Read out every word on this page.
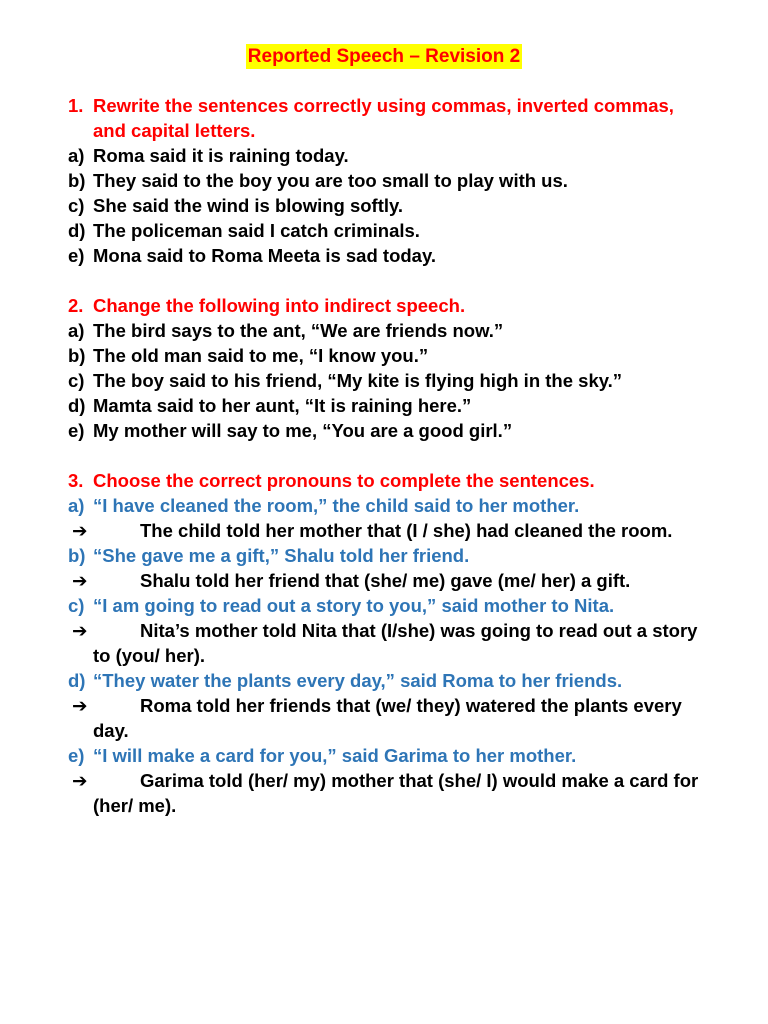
Reported Speech – Revision 2
1. Rewrite the sentences correctly using commas, inverted commas,
and capital letters.
a) Roma said it is raining today.
b) They said to the boy you are too small to play with us.
c) She said the wind is blowing softly.
d) The policeman said I catch criminals.
e) Mona said to Roma Meeta is sad today.
2. Change the following into indirect speech.
a) The bird says to the ant, “We are friends now.”
b) The old man said to me, “I know you.”
c) The boy said to his friend, “My kite is flying high in the sky.”
d) Mamta said to her aunt, “It is raining here.”
e) My mother will say to me, “You are a good girl.”
3. Choose the correct pronouns to complete the sentences.
a) “I have cleaned the room,” the child said to her mother.
➔	The child told her mother that (I / she) had cleaned the room.
b) “She gave me a gift,” Shalu told her friend.
➔	Shalu told her friend that (she/ me) gave (me/ her) a gift.
c) “I am going to read out a story to you,” said mother to Nita.
➔	Nita’s mother told Nita that (I/she) was going to read out a story
to (you/ her).
d) “They water the plants every day,” said Roma to her friends.
➔	Roma told her friends that (we/ they) watered the plants every
day.
e) “I will make a card for you,” said Garima to her mother.
➔	Garima told (her/ my) mother that (she/ I) would make a card for
(her/ me).
